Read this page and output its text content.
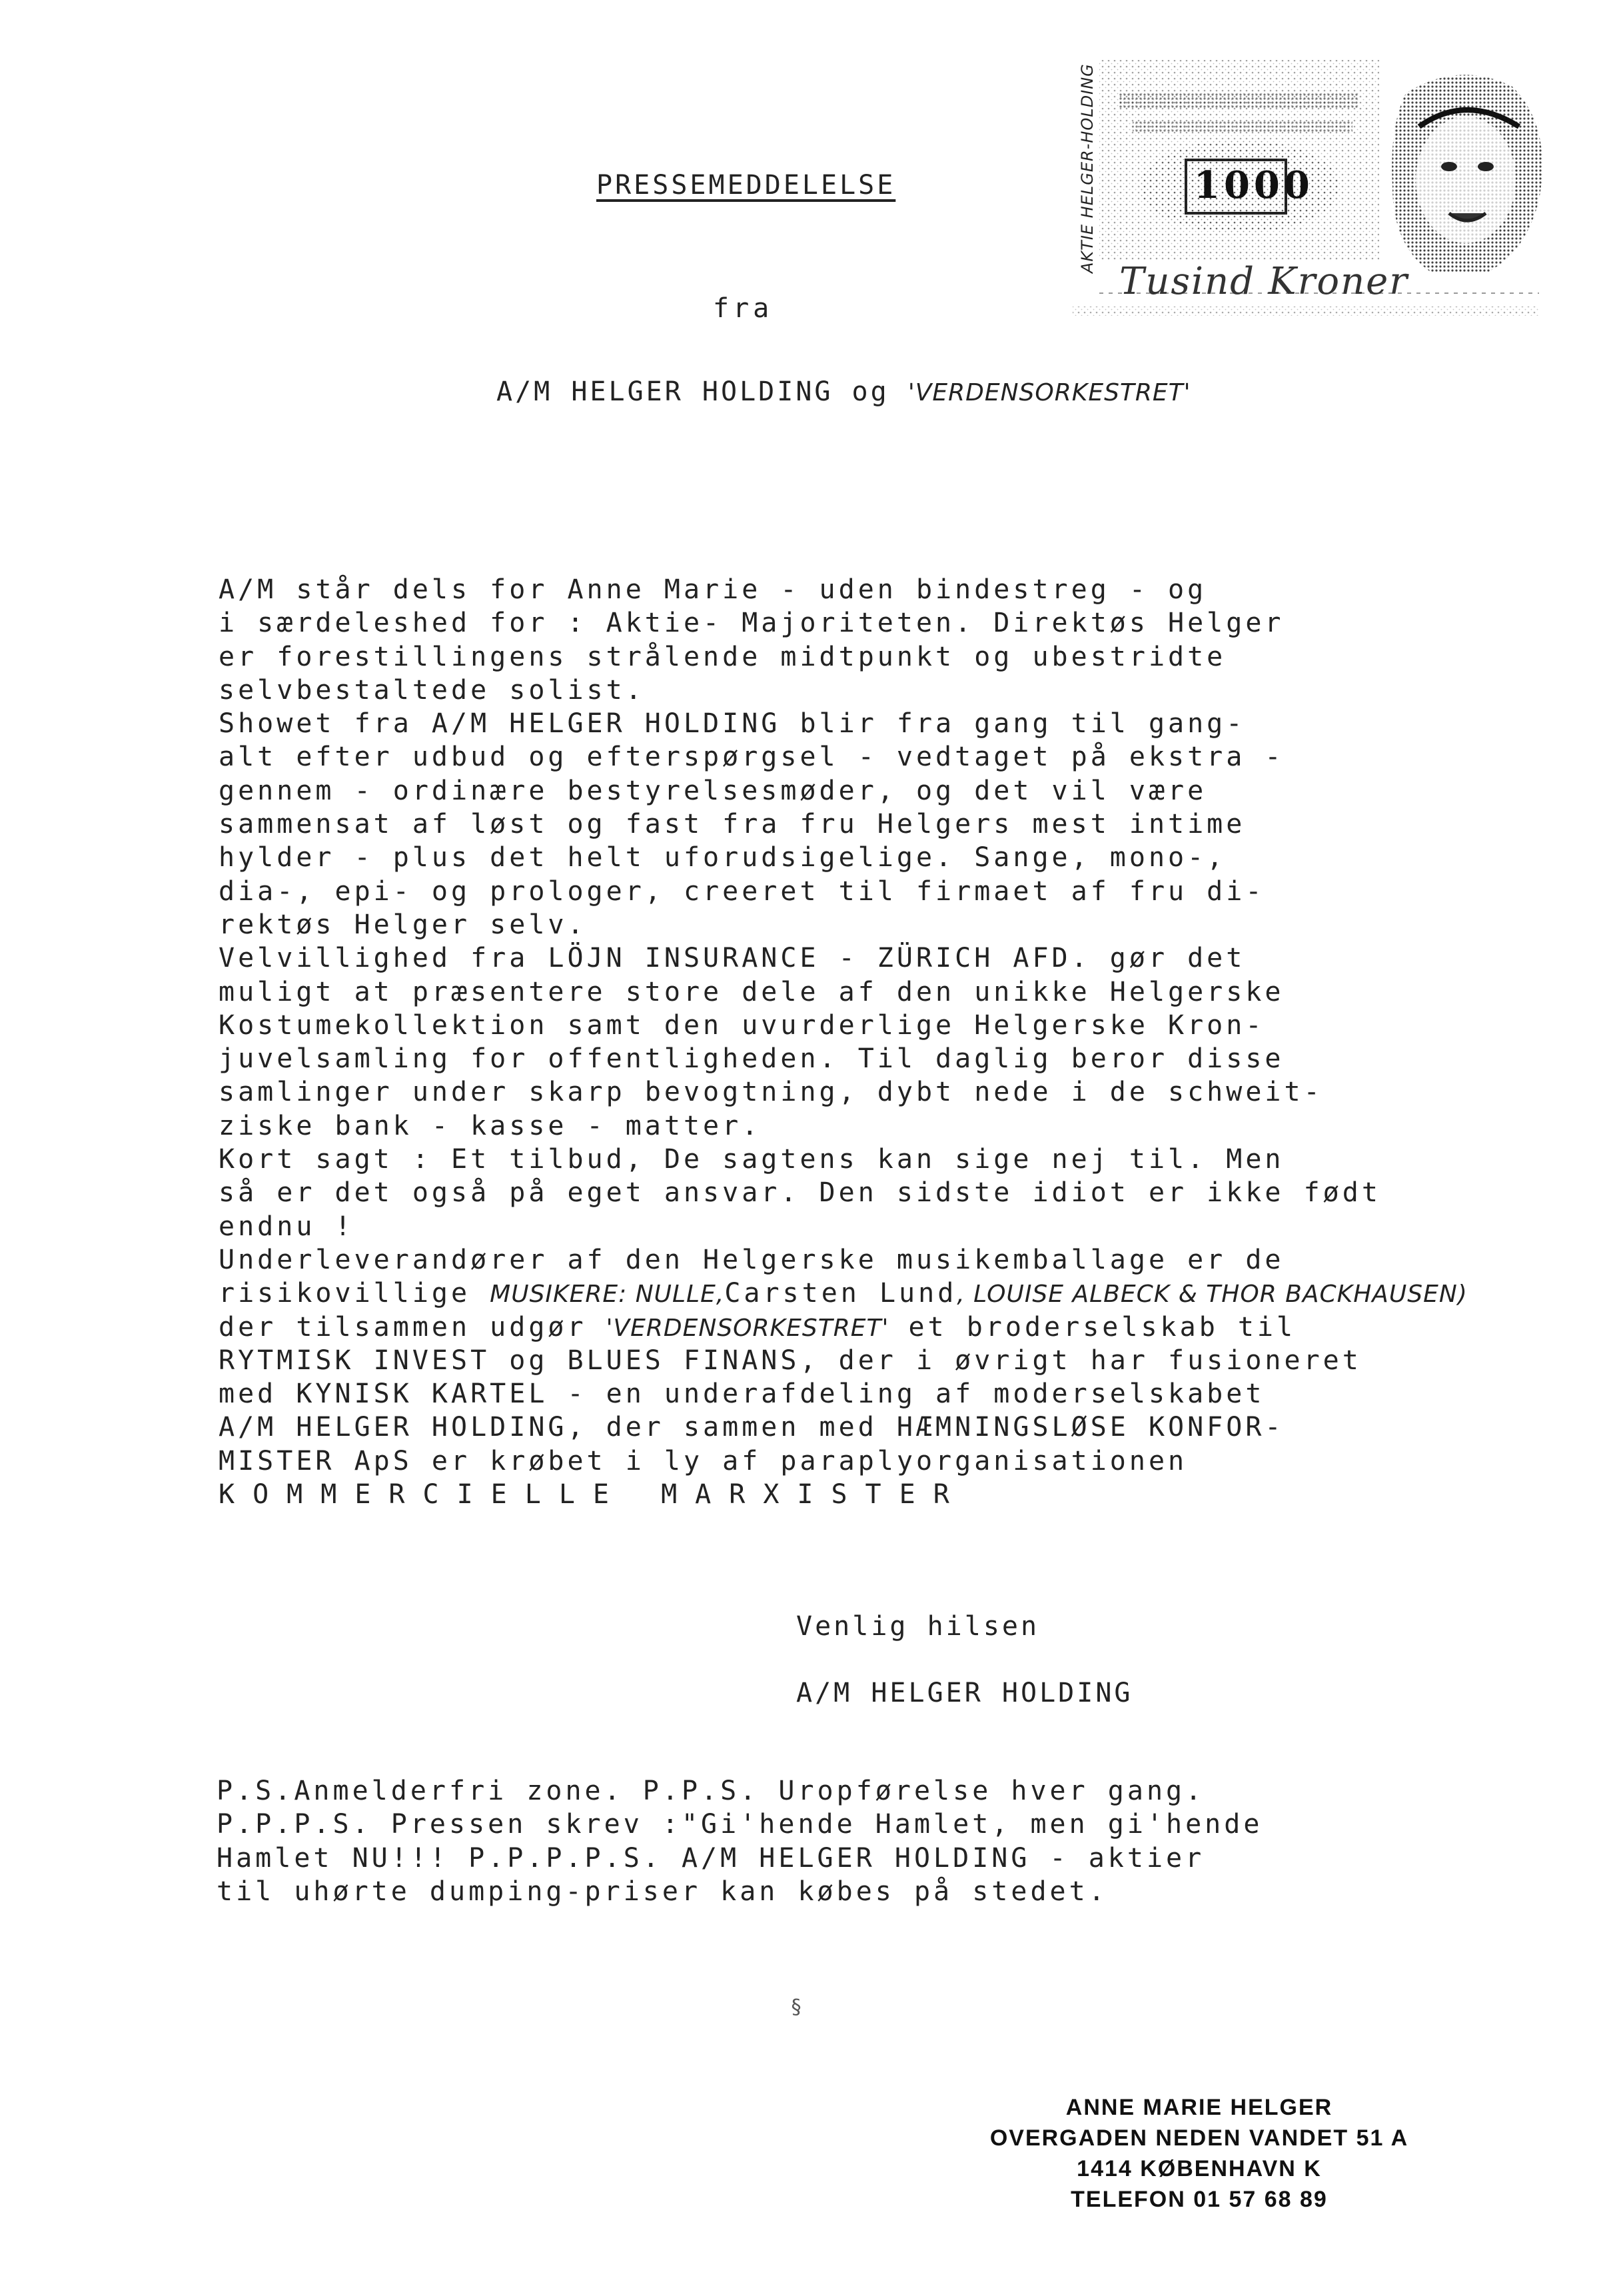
AKTIE HELGER-HOLDING	1000
Tusind Kroner
PRESSEMEDDELELSE
fra
A/M HELGER HOLDING og 'VERDENSORKESTRET'
A/M står dels for Anne Marie - uden bindestreg - og
i særdeleshed for : Aktie- Majoriteten. Direktøs Helger
er forestillingens strålende midtpunkt og ubestridte
selvbestaltede solist.
Showet fra A/M HELGER HOLDING blir fra gang til gang-
alt efter udbud og efterspørgsel - vedtaget på ekstra -
gennem - ordinære bestyrelsesmøder, og det vil være
sammensat af løst og fast fra fru Helgers mest intime
hylder - plus det helt uforudsigelige. Sange, mono-,
dia-, epi- og prologer, creeret til firmaet af fru di-
rektøs Helger selv.
Velvillighed fra LÖJN INSURANCE - ZÜRICH AFD. gør det
muligt at præsentere store dele af den unikke Helgerske
Kostumekollektion samt den uvurderlige Helgerske Kron-
juvelsamling for offentligheden. Til daglig beror disse
samlinger under skarp bevogtning, dybt nede i de schweit-
ziske bank - kasse - matter.
Kort sagt : Et tilbud, De sagtens kan sige nej til. Men
så er det også på eget ansvar. Den sidste idiot er ikke født
endnu !
Underleverandører af den Helgerske musikemballage er de
risikovillige MUSIKERE: NULLE,Carsten Lund, LOUISE ALBECK & THOR BACKHAUSEN)
der tilsammen udgør 'VERDENSORKESTRET' et broderselskab til
RYTMISK INVEST og BLUES FINANS, der i øvrigt har fusioneret
med KYNISK KARTEL - en underafdeling af moderselskabet
A/M HELGER HOLDING, der sammen med HÆMNINGSLØSE KONFOR-
MISTER ApS er krøbet i ly af paraplyorganisationen
KOMMERCIELLE MARXISTER
Venlig hilsen
A/M HELGER HOLDING
P.S.Anmelderfri zone. P.P.S. Uropførelse hver gang.
P.P.P.S. Pressen skrev :"Gi'hende Hamlet, men gi'hende
Hamlet NU!!! P.P.P.P.S. A/M HELGER HOLDING - aktier
til uhørte dumping-priser kan købes på stedet.
§
ANNE MARIE HELGER
OVERGADEN NEDEN VANDET 51 A
1414 KØBENHAVN K
TELEFON 01 57 68 89
